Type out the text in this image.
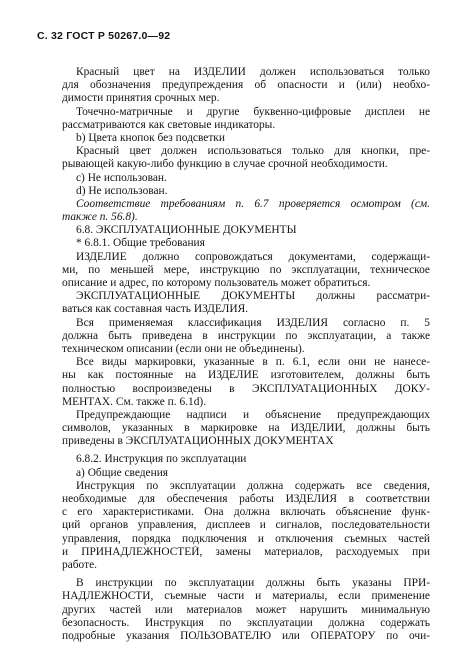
С. 32 ГОСТ Р 50267.0—92
Красный цвет на ИЗДЕЛИИ должен использоваться только
для обозначения предупреждения об опасности и (или) необхо-
димости принятия срочных мер.
Точечно-матричные и другие буквенно-цифровые дисплеи не
рассматриваются как световые индикаторы.
b) Цвета кнопок без подсветки
Красный цвет должен использоваться только для кнопки, пре-
рывающей какую-либо функцию в случае срочной необходимости.
c) Не использован.
d) Не использован.
Соответствие требованиям п. 6.7 проверяется осмотром (см.
также п. 56.8).
6.8. ЭКСПЛУАТАЦИОННЫЕ ДОКУМЕНТЫ
* 6.8.1. Общие требования
ИЗДЕЛИЕ должно сопровождаться документами, содержащи-
ми, по меньшей мере, инструкцию по эксплуатации, техническое
описание и адрес, по которому пользователь может обратиться.
ЭКСПЛУАТАЦИОННЫЕ ДОКУМЕНТЫ должны рассматри-
ваться как составная часть ИЗДЕЛИЯ.
Вся применяемая классификация ИЗДЕЛИЯ согласно п. 5
должна быть приведена в инструкции по эксплуатации, а также
техническом описании (если они не объединены).
Все виды маркировки, указанные в п. 6.1, если они не нанесе-
ны как постоянные на ИЗДЕЛИЕ изготовителем, должны быть
полностью воспроизведены в ЭКСПЛУАТАЦИОННЫХ ДОКУ-
МЕНТАХ. См. также п. 6.1d).
Предупреждающие надписи и объяснение предупреждающих
символов, указанных в маркировке на ИЗДЕЛИИ, должны быть
приведены в ЭКСПЛУАТАЦИОННЫХ ДОКУМЕНТАХ
6.8.2. Инструкция по эксплуатации
а) Общие сведения
Инструкция по эксплуатации должна содержать все сведения,
необходимые для обеспечения работы ИЗДЕЛИЯ в соответствии
с его характеристиками. Она должна включать объяснение функ-
ций органов управления, дисплеев и сигналов, последовательности
управления, порядка подключения и отключения съемных частей
и ПРИНАДЛЕЖНОСТЕЙ, замены материалов, расходуемых при
работе.
В инструкции по эксплуатации должны быть указаны ПРИ-
НАДЛЕЖНОСТИ, съемные части и материалы, если применение
других частей или материалов может нарушить минимальную
безопасность. Инструкция по эксплуатации должна содержать
подробные указания ПОЛЬЗОВАТЕЛЮ или ОПЕРАТОРУ по очи-
